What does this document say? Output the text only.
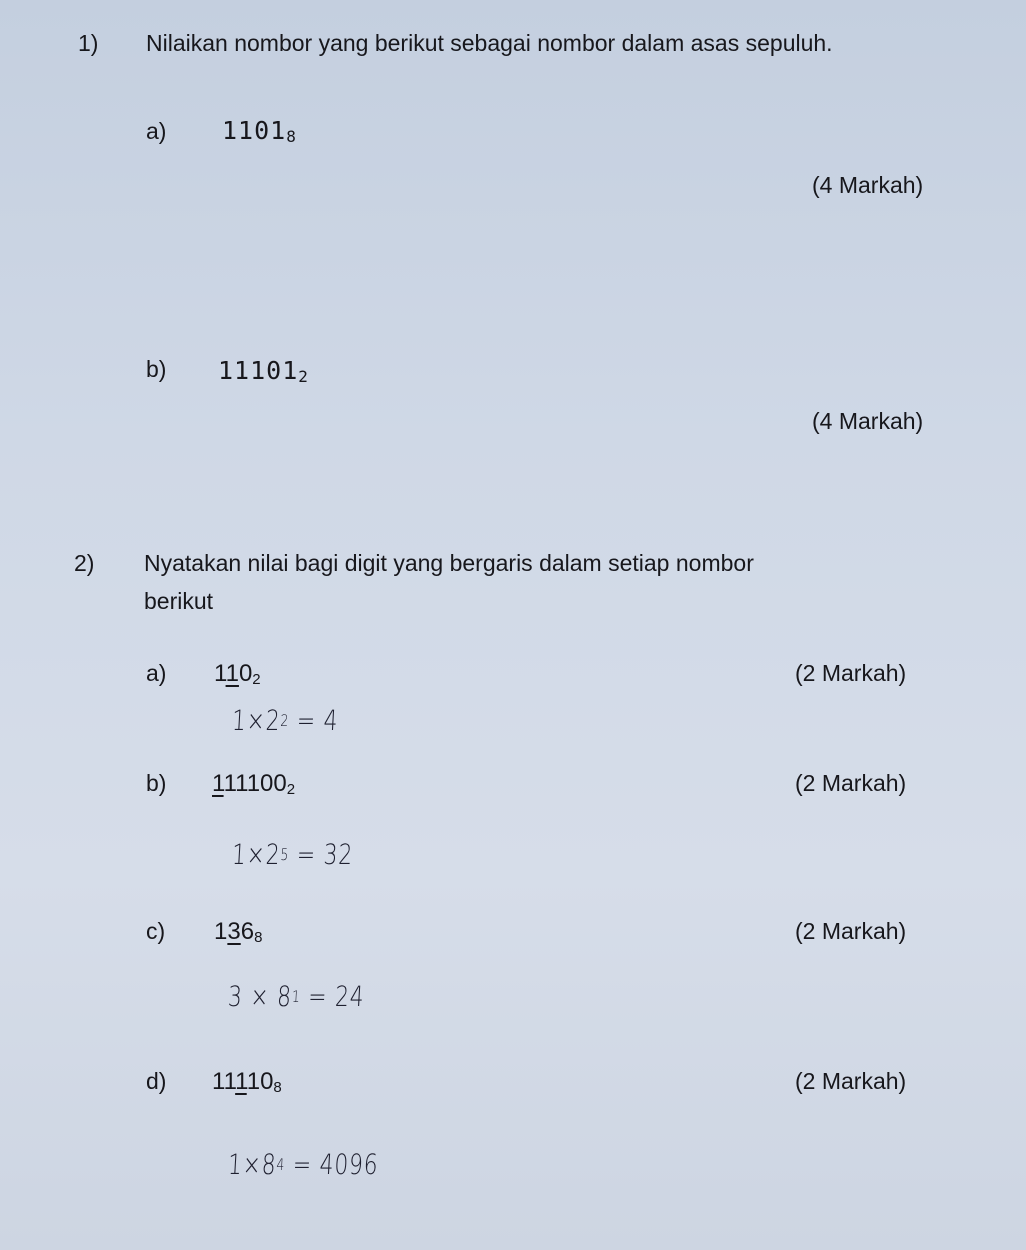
1) Nilaikan nombor yang berikut sebagai nombor dalam asas sepuluh.
a) $1101_8$
(4 Markah)
b) $11101_2$
(4 Markah)
2) Nyatakan nilai bagi digit yang bergaris dalam setiap nombor
berikut
a) $110_2$	(2 Markah)
$1\times 2^2 = 4$
b) $111100_2$	(2 Markah)
$1\times 2^5 = 32$
c) $136_8$	(2 Markah)
$3 \times 8^1 = 24$
d) $11110_8$	(2 Markah)
$1\times 8^4 = 4096$
